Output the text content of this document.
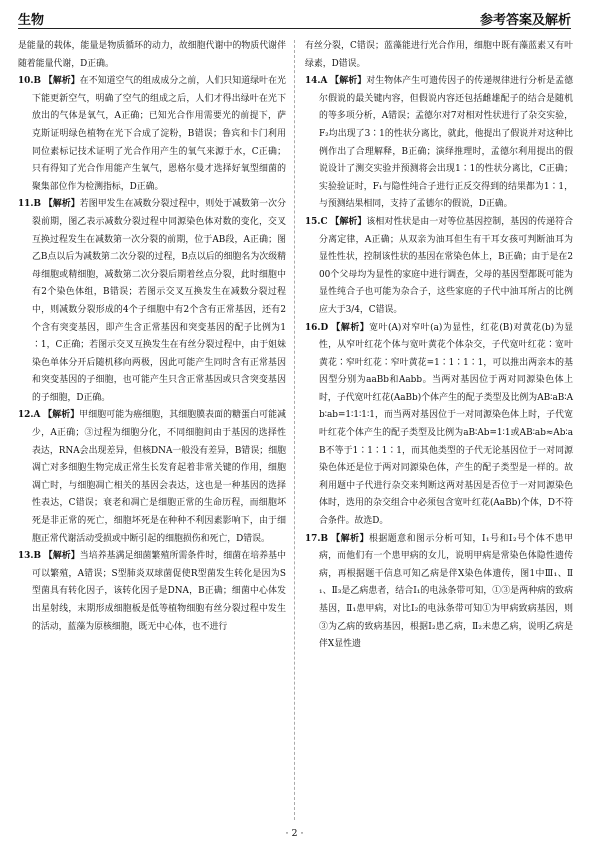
生物	参考答案及解析

是能量的载体，能量是物质循环的动力，故细胞代谢中的物质代谢伴随着能量代谢，D正确。

10.B 【解析】在不知道空气的组成成分之前，人们只知道绿叶在光下能更新空气，明确了空气的组成之后，人们才得出绿叶在光下放出的气体是氧气，A正确；已知光合作用需要光的前提下，萨克斯证明绿色植物在光下合成了淀粉，B错误；鲁宾和卡门利用同位素标记技术证明了光合作用产生的氧气来源于水，C正确；只有得知了光合作用能产生氧气，恩格尔曼才选择好氧型细菌的聚集部位作为检测指标，D正确。

11.B 【解析】若图甲发生在减数分裂过程中，则处于减数第一次分裂前期，图乙表示减数分裂过程中同源染色体对数的变化，交叉互换过程发生在减数第一次分裂的前期，位于AB段，A正确；图乙B点以后为减数第二次分裂的过程，B点以后的细胞名为次级精母细胞或精细胞，减数第二次分裂后期着丝点分裂，此时细胞中有2个染色体组，B错误；若图示交叉互换发生在减数分裂过程中，则减数分裂形成的4个子细胞中有2个含有正常基因，还有2个含有突变基因，即产生含正常基因和突变基因的配子比例为1∶1，C正确；若图示交叉互换发生在有丝分裂过程中，由于姐妹染色单体分开后随机移向两极，因此可能产生同时含有正常基因和突变基因的子细胞，也可能产生只含正常基因或只含突变基因的子细胞，D正确。

12.A 【解析】甲细胞可能为癌细胞，其细胞膜表面的糖蛋白可能减少，A正确；③过程为细胞分化，不同细胞间由于基因的选择性表达，RNA会出现差异，但核DNA一般没有差异，B错误；细胞凋亡对多细胞生物完成正常生长发育起着非常关键的作用，细胞凋亡时，与细胞凋亡相关的基因会表达，这也是一种基因的选择性表达，C错误；衰老和凋亡是细胞正常的生命历程，而细胞坏死是非正常的死亡，细胞坏死是在种种不利因素影响下，由于细胞正常代谢活动受损或中断引起的细胞损伤和死亡，D错误。

13.B 【解析】当培养基满足细菌繁殖所需条件时，细菌在培养基中可以繁殖，A错误；S型肺炎双球菌促使R型菌发生转化是因为S型菌具有转化因子，该转化因子是DNA，B正确；细菌中心体发出星射线，末期形成细胞板是低等植物细胞有丝分裂过程中发生的活动，蓝藻为原核细胞，既无中心体，也不进行

有丝分裂，C错误；蓝藻能进行光合作用，细胞中既有藻蓝素又有叶绿素，D错误。

14.A 【解析】对生物体产生可遗传因子的传递规律进行分析是孟德尔假说的最关键内容，但假说内容还包括雌雄配子的结合是随机的等多项分析，A错误；孟德尔对7对相对性状进行了杂交实验，F₂均出现了3∶1的性状分离比，就此，他提出了假说并对这种比例作出了合理解释，B正确；演绎推理时，孟德尔利用提出的假说设计了测交实验并预测将会出现1∶1的性状分离比，C正确；实验验证时，F₁与隐性纯合子进行正反交得到的结果都为1∶1，与预测结果相同，支持了孟德尔的假说，D正确。

15.C 【解析】该相对性状是由一对等位基因控制，基因的传递符合分离定律，A正确；从双亲为油耳但生有干耳女孩可判断油耳为显性性状，控制该性状的基因在常染色体上，B正确；由于是在200个父母均为显性的家庭中进行调查，父母的基因型都既可能为显性纯合子也可能为杂合子，这些家庭的子代中油耳所占的比例应大于3/4，C错误。

16.D 【解析】宽叶(A)对窄叶(a)为显性，红花(B)对黄花(b)为显性，从窄叶红花个体与宽叶黄花个体杂交，子代宽叶红花∶宽叶黄花∶窄叶红花∶窄叶黄花=1∶1∶1∶1，可以推出两亲本的基因型分别为aaBb和Aabb。当两对基因位于两对同源染色体上时，子代宽叶红花(AaBb)个体产生的配子类型及比例为AB∶aB∶Ab∶ab=1∶1∶1∶1，而当两对基因位于一对同源染色体上时，子代宽叶红花个体产生的配子类型及比例为aB∶Ab=1∶1或AB∶ab≈Ab∶aB不等于1∶1∶1∶1，而其他类型的子代无论基因位于一对同源染色体还是位于两对同源染色体，产生的配子类型是一样的。故利用题中子代进行杂交来判断这两对基因是否位于一对同源染色体时，选用的杂交组合中必须包含宽叶红花(AaBb)个体，D不符合条件。故选D。

17.B 【解析】根据题意和图示分析可知，Ⅰ₁号和Ⅰ₂号个体不患甲病，而他们有一个患甲病的女儿，说明甲病是常染色体隐性遗传病，再根据题干信息可知乙病是伴X染色体遗传，图1中Ⅲ₁、Ⅱ₁、Ⅱ₃是乙病患者，结合Ⅰ₁的电泳条带可知，①③是两种病的致病基因，Ⅱ₁患甲病，对比Ⅰ₂的电泳条带可知①为甲病致病基因，则③为乙病的致病基因，根据Ⅰ₂患乙病，Ⅱ₂未患乙病，说明乙病是伴X显性遗

· 2 ·
